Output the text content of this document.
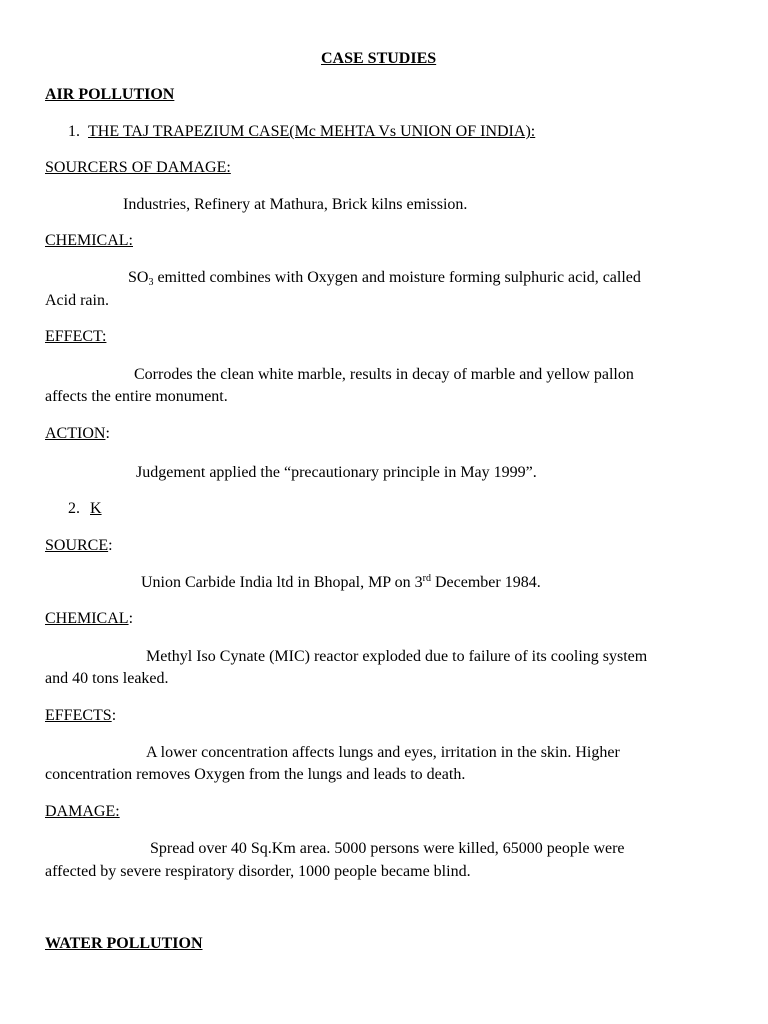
CASE STUDIES
AIR POLLUTION
1. THE TAJ TRAPEZIUM CASE(Mc MEHTA Vs UNION OF INDIA):
SOURCERS OF DAMAGE:
Industries, Refinery at Mathura, Brick kilns emission.
CHEMICAL:
$SO_3$ emitted combines with Oxygen and moisture forming sulphuric acid, called
Acid rain.
EFFECT:
Corrodes the clean white marble, results in decay of marble and yellow pallon
affects the entire monument.
ACTION:
Judgement applied the “precautionary principle in May 1999”.
2. K
SOURCE:
Union Carbide India ltd in Bhopal, MP on 3rd December 1984.
CHEMICAL:
Methyl Iso Cynate (MIC) reactor exploded due to failure of its cooling system
and 40 tons leaked.
EFFECTS:
A lower concentration affects lungs and eyes, irritation in the skin. Higher
concentration removes Oxygen from the lungs and leads to death.
DAMAGE:
Spread over 40 Sq.Km area. 5000 persons were killed, 65000 people were
affected by severe respiratory disorder, 1000 people became blind.
WATER POLLUTION
